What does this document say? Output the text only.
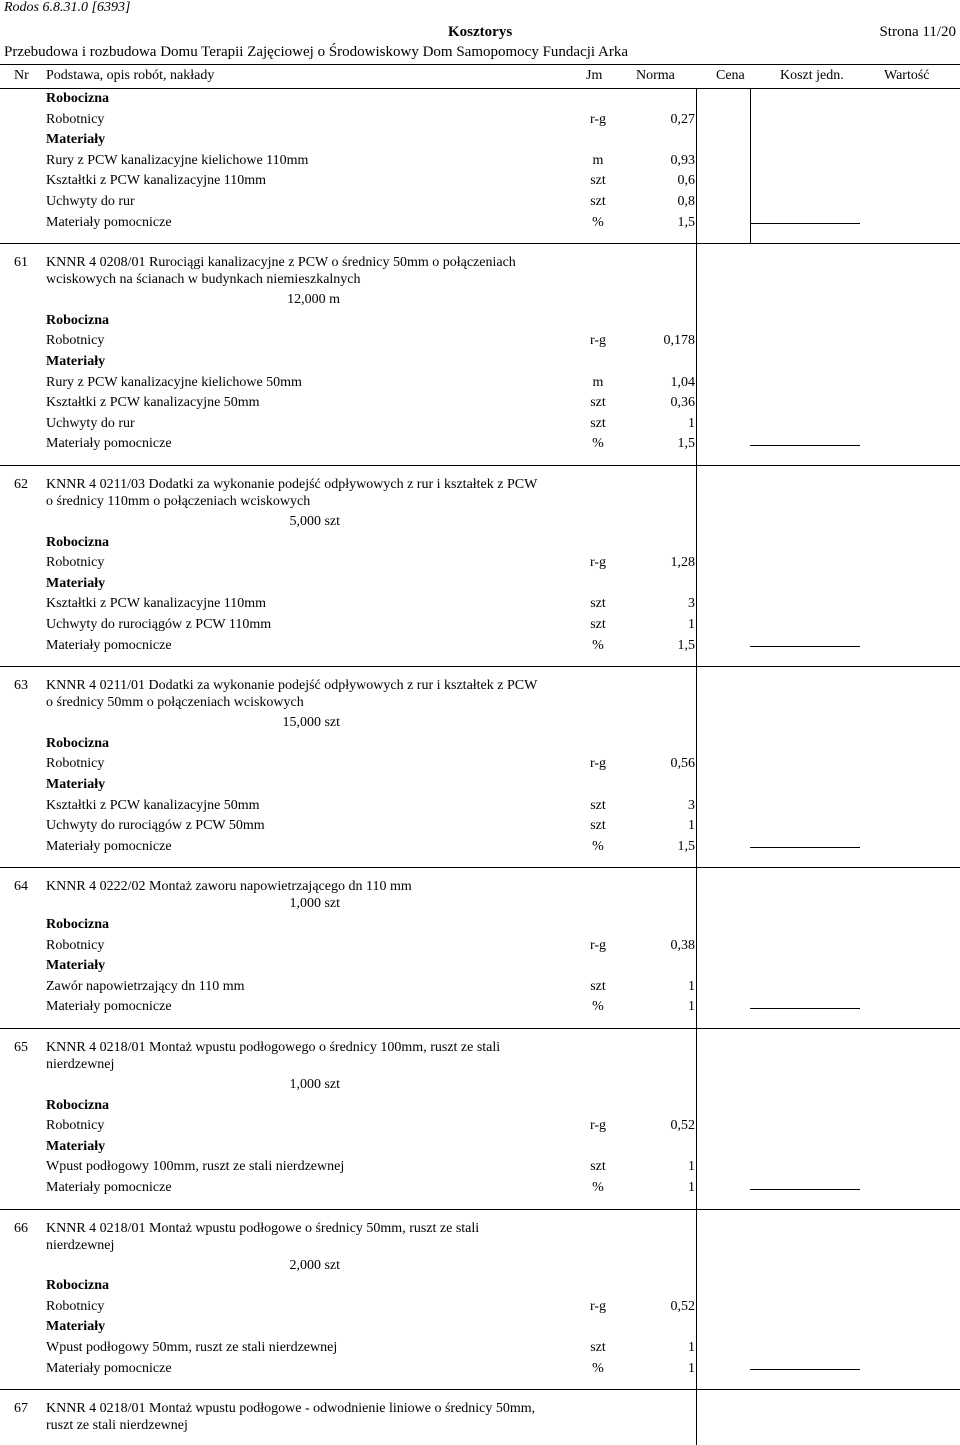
Rodos 6.8.31.0 [6393]
Kosztorys	Strona 11/20
Przebudowa i rozbudowa Domu Terapii Zajęciowej o Środowiskowy Dom Samopomocy Fundacji Arka
Nr Podstawa, opis robót, nakłady	Jm Norma	Cena	Koszt jedn.	Wartość
Robocizna
Robotnicy	r-g	0,27
Materiały
Rury z PCW kanalizacyjne kielichowe 110mm	m	0,93
Kształtki z PCW kanalizacyjne 110mm	szt	0,6
Uchwyty do rur	szt	0,8
Materiały pomocnicze	%	1,5
61 KNNR 4 0208/01 Rurociągi kanalizacyjne z PCW o średnicy 50mm o połączeniach
wciskowych na ścianach w budynkach niemieszkalnych
12,000 m
Robocizna
Robotnicy	r-g	0,178
Materiały
Rury z PCW kanalizacyjne kielichowe 50mm	m	1,04
Kształtki z PCW kanalizacyjne 50mm	szt	0,36
Uchwyty do rur	szt	1
Materiały pomocnicze	%	1,5
62 KNNR 4 0211/03 Dodatki za wykonanie podejść odpływowych z rur i kształtek z PCW
o średnicy 110mm o połączeniach wciskowych
5,000 szt
Robocizna
Robotnicy	r-g	1,28
Materiały
Kształtki z PCW kanalizacyjne 110mm	szt	3
Uchwyty do rurociągów z PCW 110mm	szt	1
Materiały pomocnicze	%	1,5
63 KNNR 4 0211/01 Dodatki za wykonanie podejść odpływowych z rur i kształtek z PCW
o średnicy 50mm o połączeniach wciskowych
15,000 szt
Robocizna
Robotnicy	r-g	0,56
Materiały
Kształtki z PCW kanalizacyjne 50mm	szt	3
Uchwyty do rurociągów z PCW 50mm	szt	1
Materiały pomocnicze	%	1,5
64 KNNR 4 0222/02 Montaż zaworu napowietrzającego dn 110 mm
1,000 szt
Robocizna
Robotnicy	r-g	0,38
Materiały
Zawór napowietrzający dn 110 mm	szt	1
Materiały pomocnicze	%	1
65 KNNR 4 0218/01 Montaż wpustu podłogowego o średnicy 100mm, ruszt ze stali
nierdzewnej
1,000 szt
Robocizna
Robotnicy	r-g	0,52
Materiały
Wpust podłogowy 100mm, ruszt ze stali nierdzewnej	szt	1
Materiały pomocnicze	%	1
66 KNNR 4 0218/01 Montaż wpustu podłogowe o średnicy 50mm, ruszt ze stali
nierdzewnej
2,000 szt
Robocizna
Robotnicy	r-g	0,52
Materiały
Wpust podłogowy 50mm, ruszt ze stali nierdzewnej	szt	1
Materiały pomocnicze	%	1
67 KNNR 4 0218/01 Montaż wpustu podłogowe - odwodnienie liniowe o średnicy 50mm,
ruszt ze stali nierdzewnej
